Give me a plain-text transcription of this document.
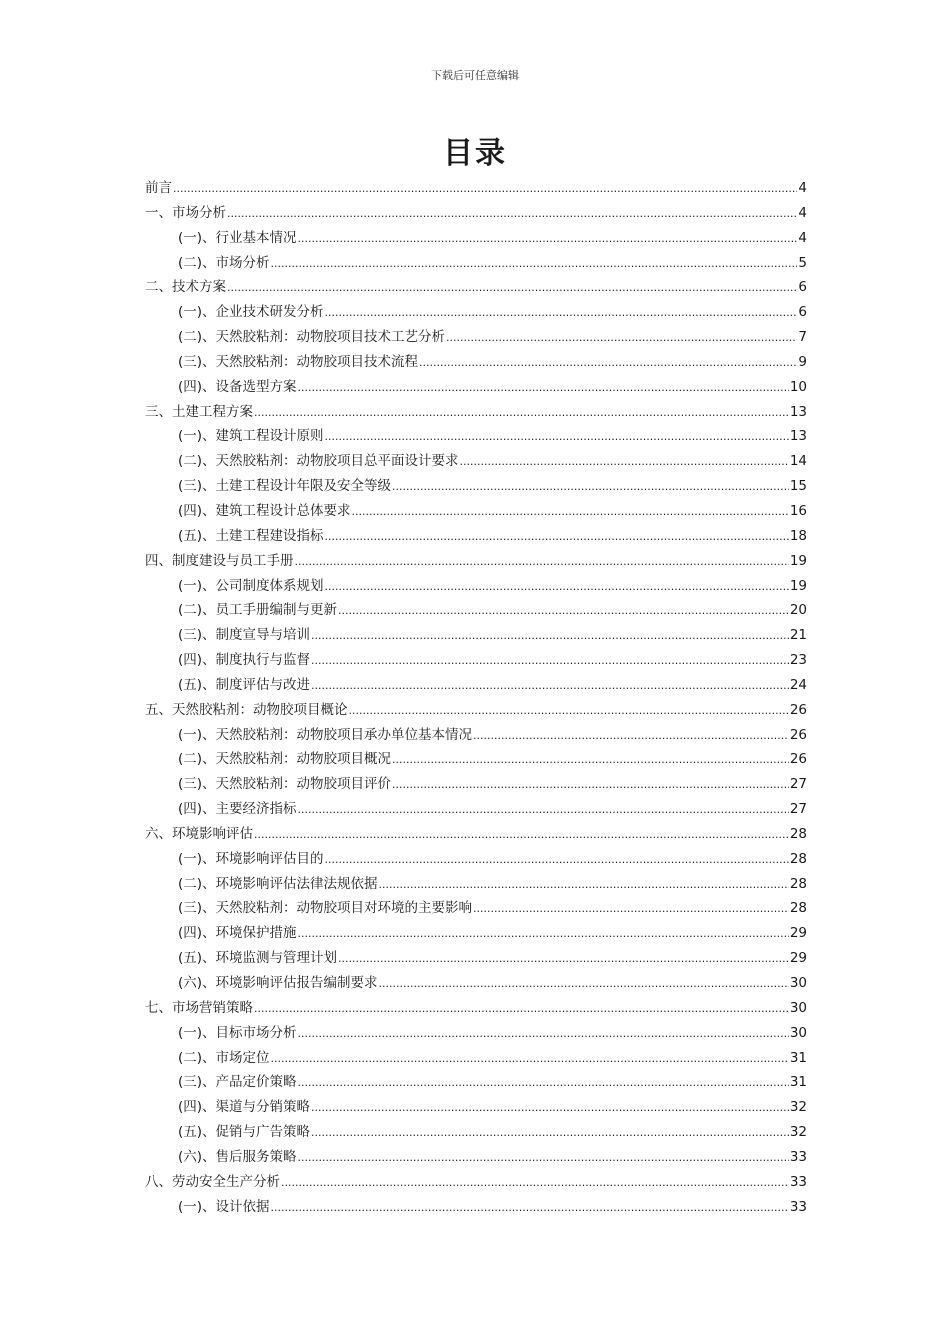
下载后可任意编辑
目录
前言 .....	4
一、市场分析 .....	4
(一)、行业基本情况 .....	4
(二)、市场分析 .....	5
二、技术方案 .....	6
(一)、企业技术研发分析 .....	6
(二)、天然胶粘剂：动物胶项目技术工艺分析 .....	7
(三)、天然胶粘剂：动物胶项目技术流程 .....	9
(四)、设备选型方案 .....	10
三、土建工程方案 .....	13
(一)、建筑工程设计原则 .....	13
(二)、天然胶粘剂：动物胶项目总平面设计要求 .....	14
(三)、土建工程设计年限及安全等级 .....	15
(四)、建筑工程设计总体要求 .....	16
(五)、土建工程建设指标 .....	18
四、制度建设与员工手册 .....	19
(一)、公司制度体系规划 .....	19
(二)、员工手册编制与更新 .....	20
(三)、制度宣导与培训 .....	21
(四)、制度执行与监督 .....	23
(五)、制度评估与改进 .....	24
五、天然胶粘剂：动物胶项目概论 .....	26
(一)、天然胶粘剂：动物胶项目承办单位基本情况 .....	26
(二)、天然胶粘剂：动物胶项目概况 .....	26
(三)、天然胶粘剂：动物胶项目评价 .....	27
(四)、主要经济指标 .....	27
六、环境影响评估 .....	28
(一)、环境影响评估目的 .....	28
(二)、环境影响评估法律法规依据 .....	28
(三)、天然胶粘剂：动物胶项目对环境的主要影响 .....	28
(四)、环境保护措施 .....	29
(五)、环境监测与管理计划 .....	29
(六)、环境影响评估报告编制要求 .....	30
七、市场营销策略 .....	30
(一)、目标市场分析 .....	30
(二)、市场定位 .....	31
(三)、产品定价策略 .....	31
(四)、渠道与分销策略 .....	32
(五)、促销与广告策略 .....	32
(六)、售后服务策略 .....	33
八、劳动安全生产分析 .....	33
(一)、设计依据 .....	33
